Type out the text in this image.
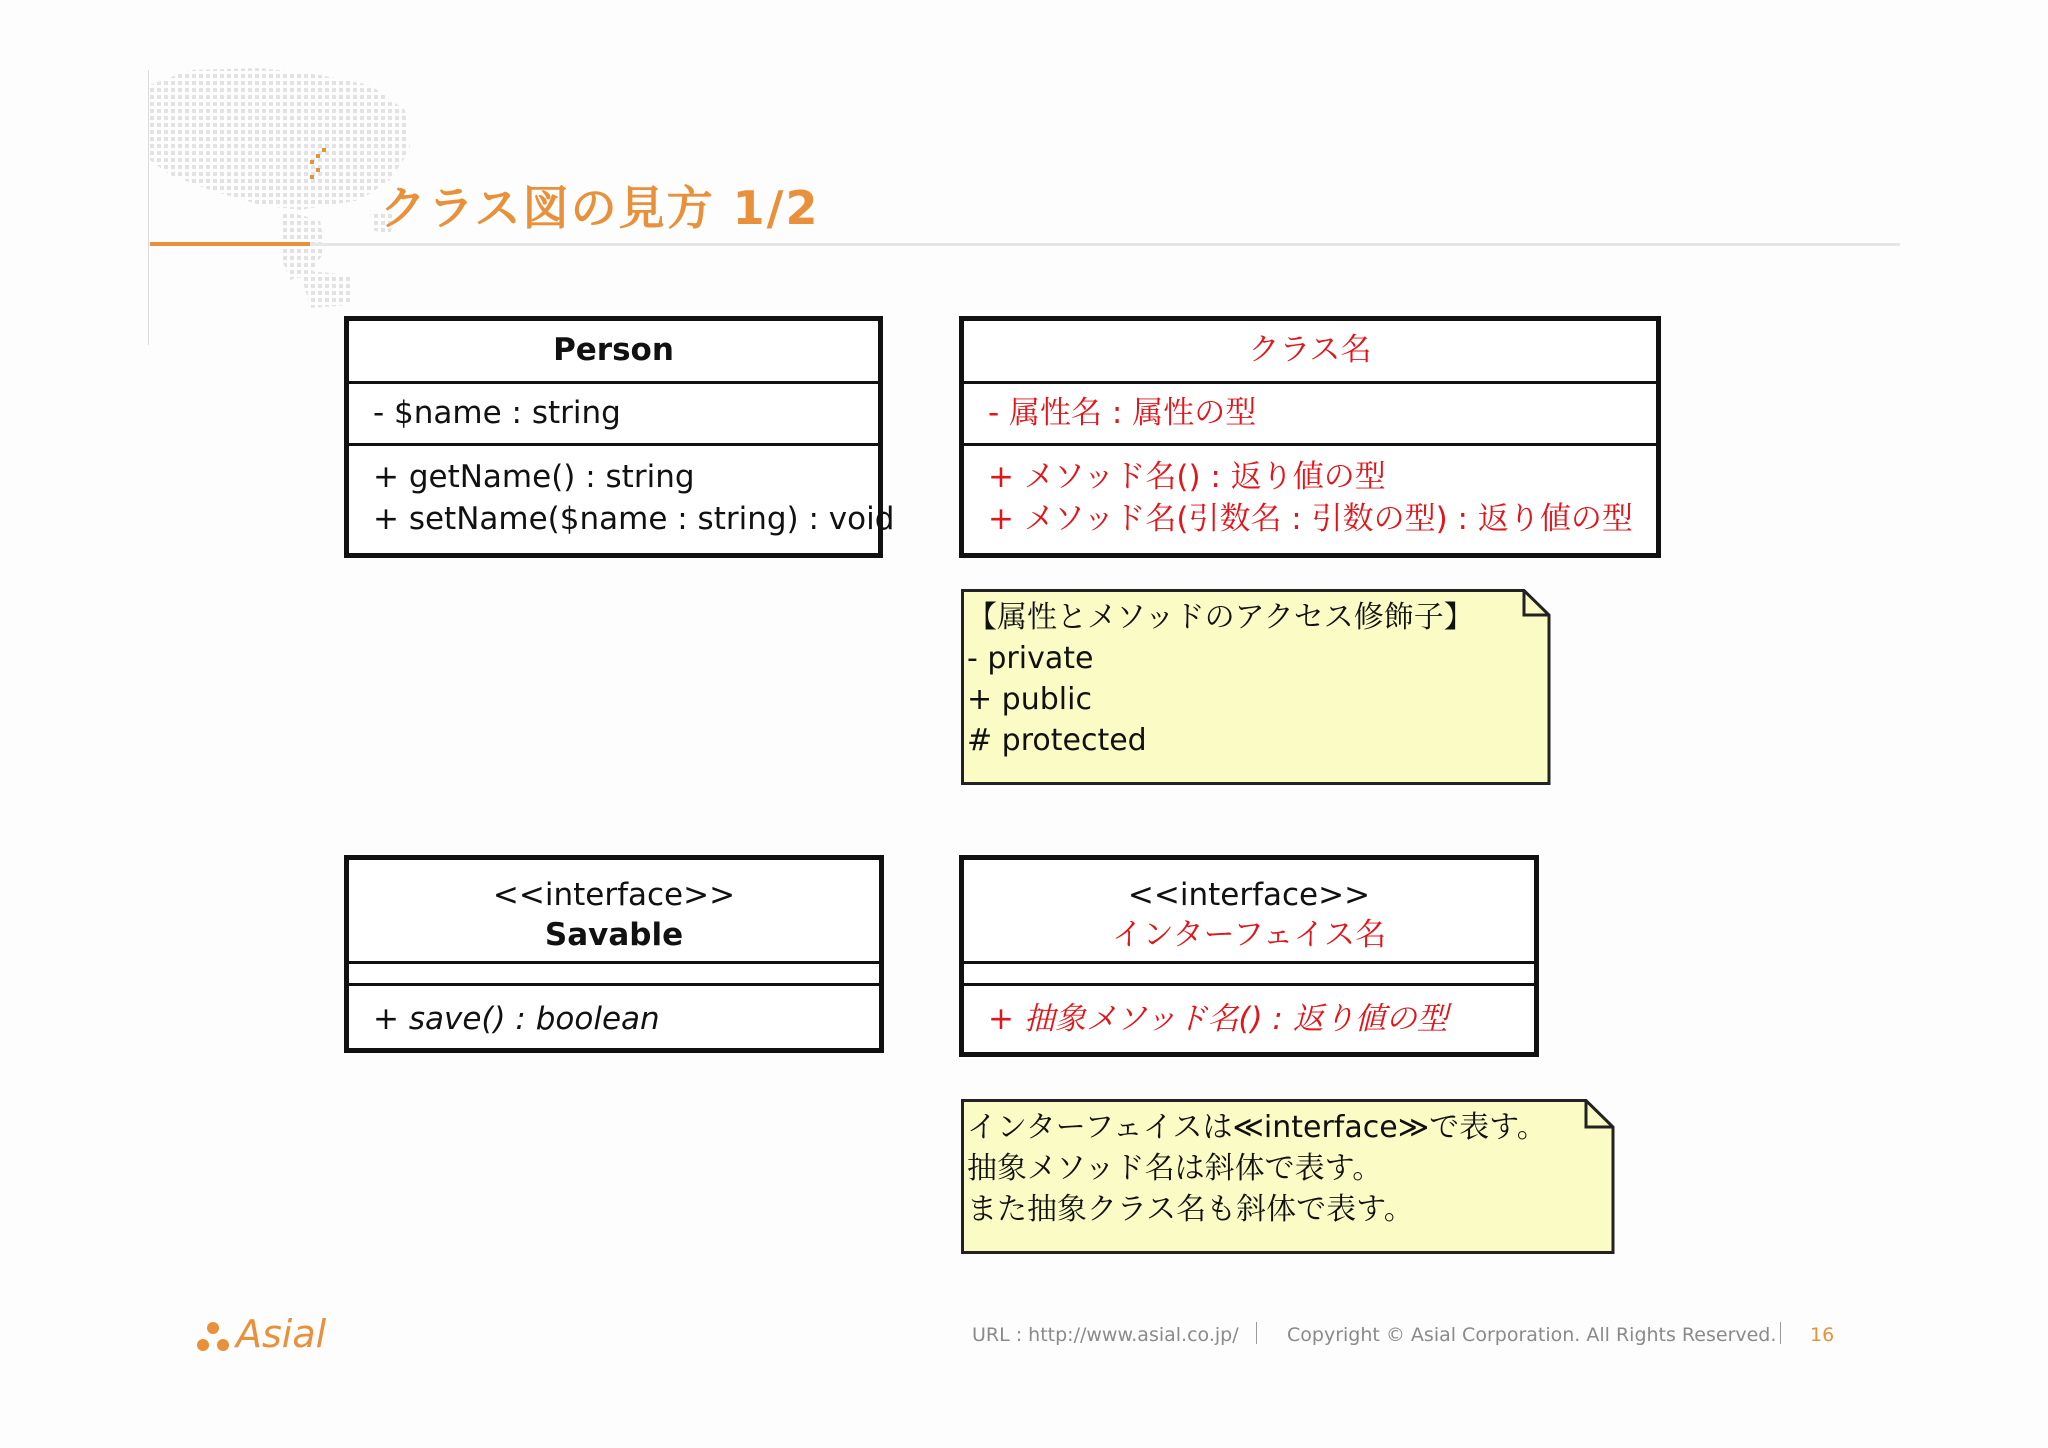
クラス図の見方 1/2
Person
- $name : string
+ getName() : string
+ setName($name : string) : void
クラス名
- 属性名 : 属性の型
+ メソッド名() : 返り値の型
+ メソッド名(引数名 : 引数の型) : 返り値の型
【属性とメソッドのアクセス修飾子】
- private
+ public
# protected
<<interface>>
Savable
+ save() : boolean
<<interface>>
インターフェイス名
+ 抽象メソッド名() : 返り値の型
インターフェイスは≪interface≫で表す。
抽象メソッド名は斜体で表す。
また抽象クラス名も斜体で表す。
Asial	URL : http://www.asial.co.jp/	Copyright © Asial Corporation. All Rights Reserved. 16
